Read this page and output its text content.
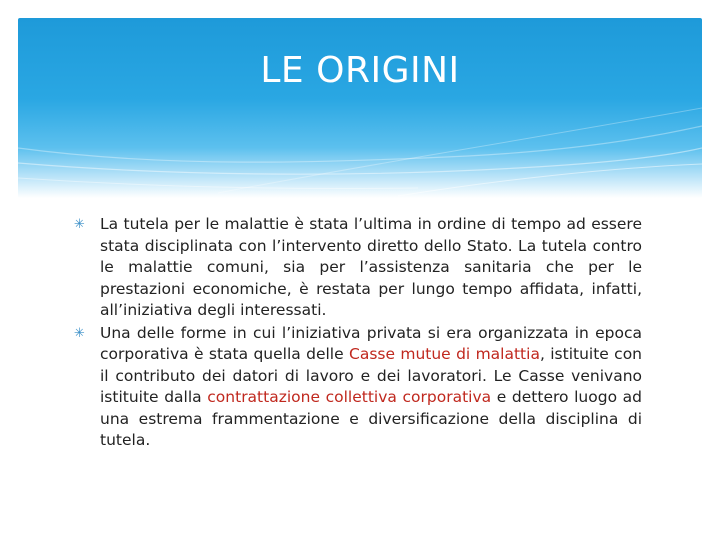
LE ORIGINI

✳ La tutela per le malattie è stata l’ultima in ordine di tempo ad essere stata disciplinata con l’intervento diretto dello Stato. La tutela contro le malattie comuni, sia per l’assistenza sanitaria che per le prestazioni economiche, è restata per lungo tempo affidata, infatti, all’iniziativa degli interessati.

✳ Una delle forme in cui l’iniziativa privata si era organizzata in epoca corporativa è stata quella delle Casse mutue di malattia, istituite con il contributo dei datori di lavoro e dei lavoratori. Le Casse venivano istituite dalla contrattazione collettiva corporativa e dettero luogo ad una estrema frammentazione e diversificazione della disciplina di tutela.
